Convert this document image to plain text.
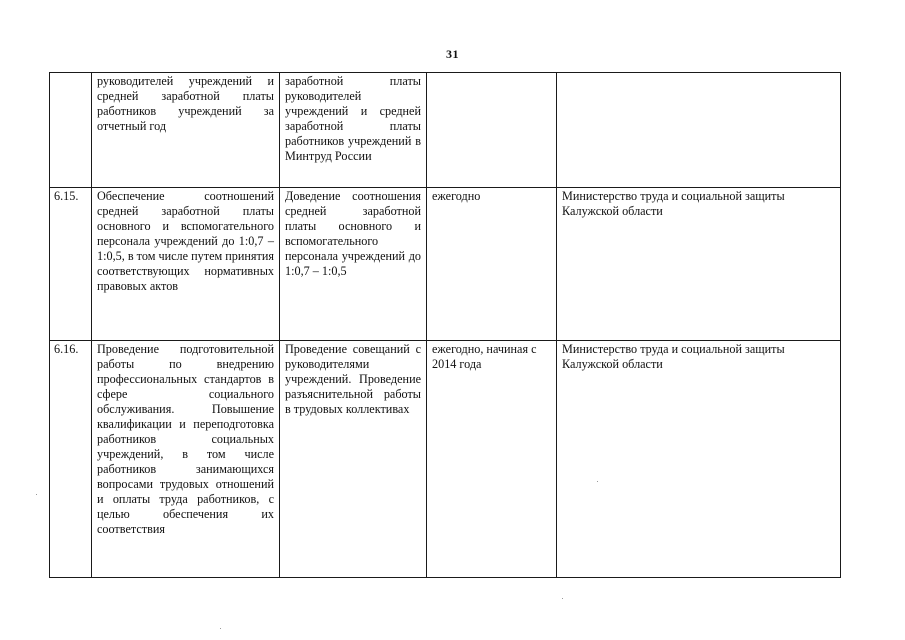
31
	руководителей учреждений и средней заработной платы работников учреждений за отчетный год	заработной платы руководителей учреждений и средней заработной платы работников учреждений в Минтруд России		
6.15.	Обеспечение соотношений средней заработной платы основного и вспомогательного персонала учреждений до 1:0,7 – 1:0,5, в том числе путем принятия соответствующих нормативных правовых актов	Доведение соотношения средней заработной платы основного и вспомогательного персонала учреждений до 1:0,7 – 1:0,5	ежегодно	Министерство труда и социальной защиты Калужской области
6.16.	Проведение подготовительной работы по внедрению профессиональных стандартов в сфере социального обслуживания. Повышение квалификации и переподготовка работников социальных учреждений, в том числе работников занимающихся вопросами трудовых отношений и оплаты труда работников, с целью обеспечения их соответствия	Проведение совещаний с руководителями учреждений. Проведение разъяснительной работы в трудовых коллективах	ежегодно, начиная с 2014 года	Министерство труда и социальной защиты Калужской области
